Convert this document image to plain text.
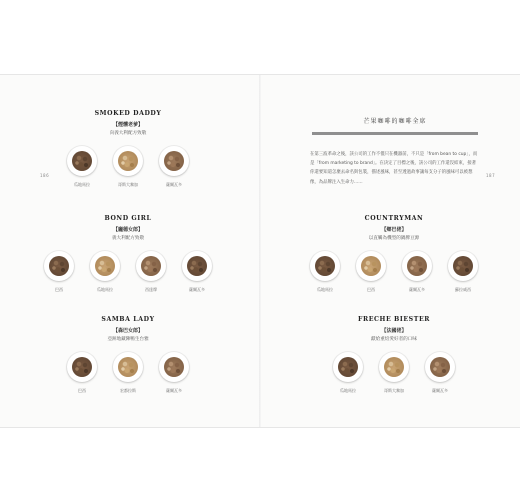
186	187
芒果咖啡的咖啡全席
在第三波革命之後，該公司的工作不僅只在機器前，不只是「from bean to cup」，而是「from marketing to brand」。在決定了目標之後，該公司的工作還沒結束，接著你還要知道怎麼去命名與包裝，描述風味，甚至透過故事讓每支分子的風味可以被想像，為品牌注入生命力……
SMOKED DADDY
【煙燻老爹】
向義大利配方致敬
瓜地馬拉	哥斯大黎加	薩爾瓦多
BOND GIRL
【龐德女郎】
義大利配方致敬
巴西	瓜地馬拉	西達摩	薩爾瓦多
SAMBA LADY
【森巴女郎】
亞洲地藏陳鴨生台雅
巴西	宏都拉斯	薩爾瓦多
COUNTRYMAN
【鄉巴佬】
以直觸為機型的鍋脾豆源
瓜地馬拉	巴西	薩爾瓦多	蘇拉威西
FRECHE BIESTER
【法國佬】
獻給重焙愛好者的口味
瓜地馬拉	哥斯大黎加	薩爾瓦多
